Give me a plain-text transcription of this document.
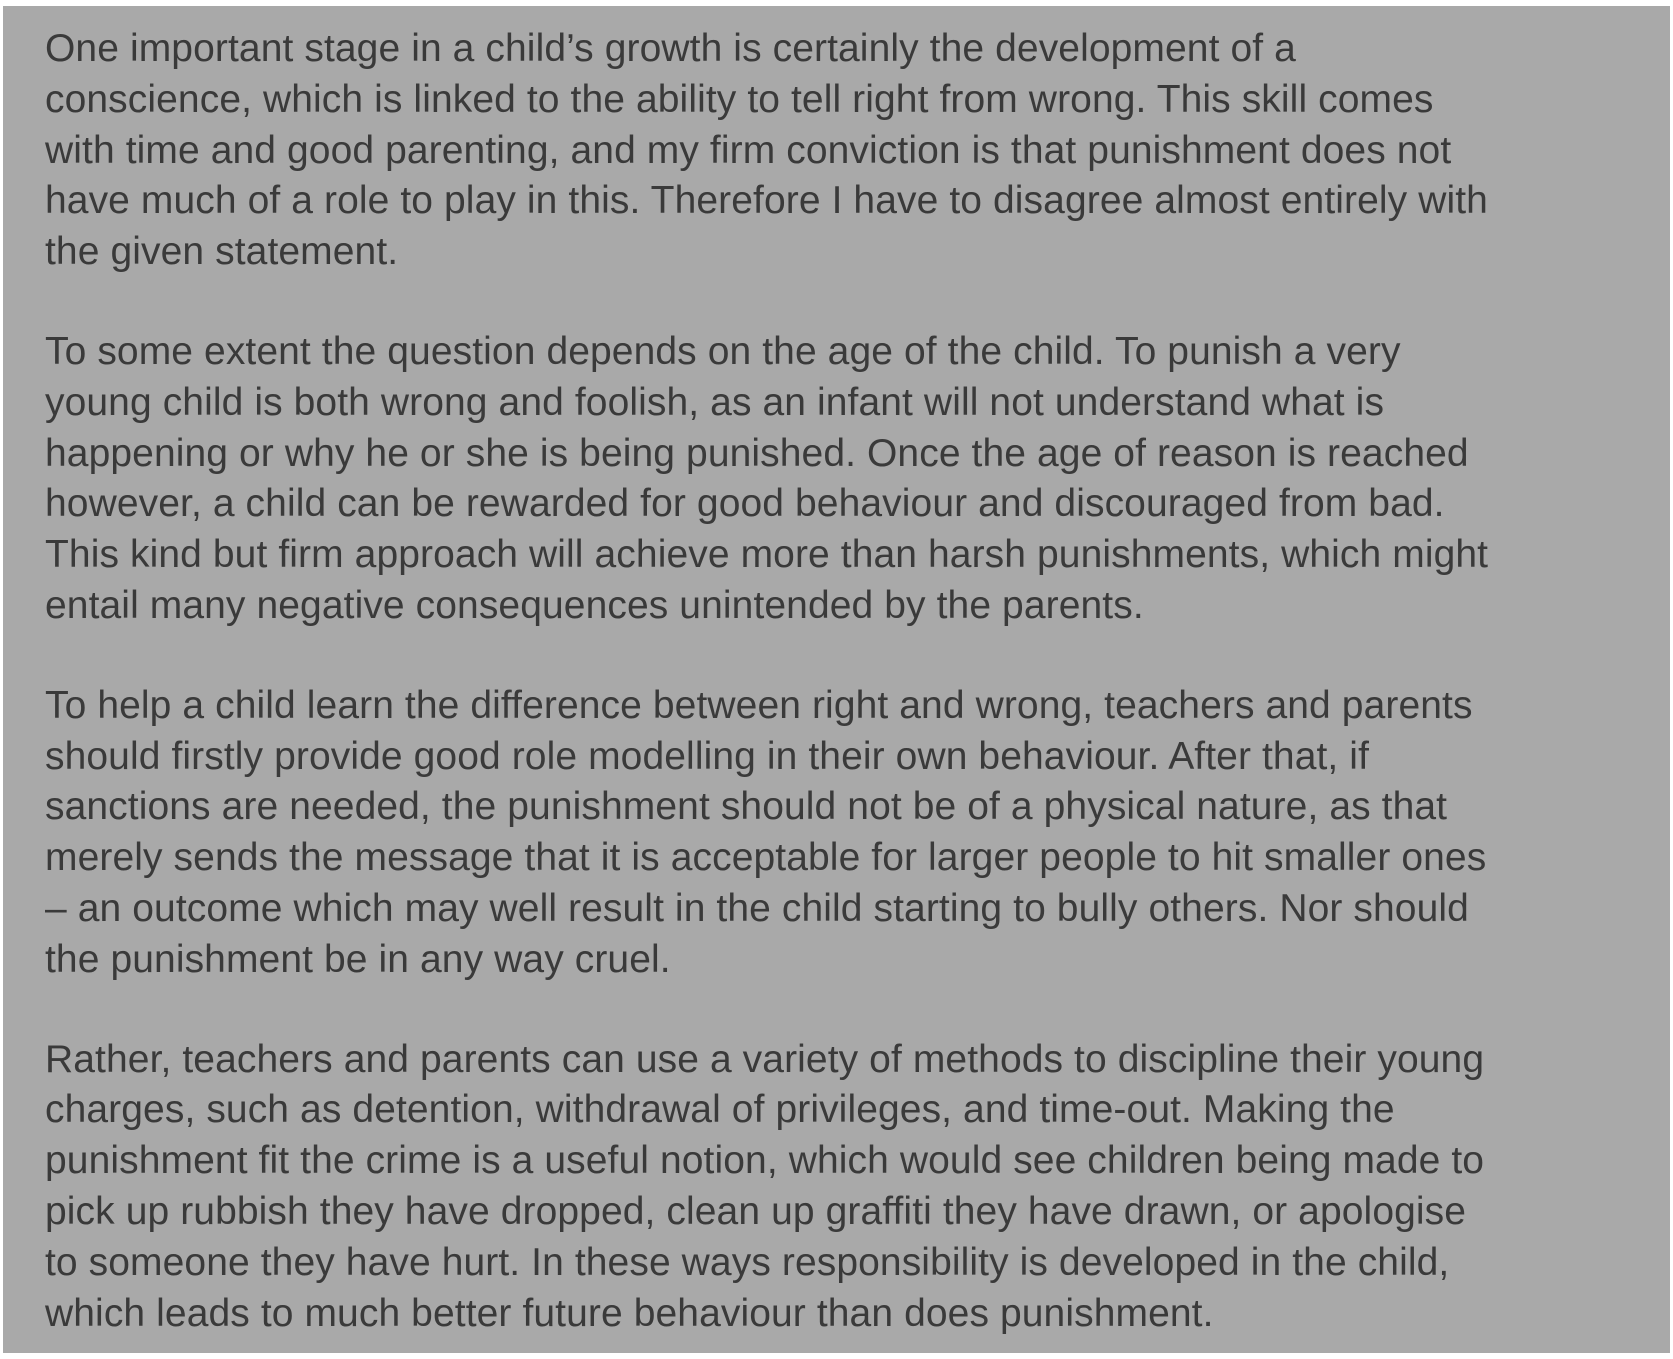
One important stage in a child’s growth is certainly the development of a
conscience, which is linked to the ability to tell right from wrong. This skill comes
with time and good parenting, and my firm conviction is that punishment does not
have much of a role to play in this. Therefore I have to disagree almost entirely with
the given statement.
To some extent the question depends on the age of the child. To punish a very
young child is both wrong and foolish, as an infant will not understand what is
happening or why he or she is being punished. Once the age of reason is reached
however, a child can be rewarded for good behaviour and discouraged from bad.
This kind but firm approach will achieve more than harsh punishments, which might
entail many negative consequences unintended by the parents.
To help a child learn the difference between right and wrong, teachers and parents
should firstly provide good role modelling in their own behaviour. After that, if
sanctions are needed, the punishment should not be of a physical nature, as that
merely sends the message that it is acceptable for larger people to hit smaller ones
– an outcome which may well result in the child starting to bully others. Nor should
the punishment be in any way cruel.
Rather, teachers and parents can use a variety of methods to discipline their young
charges, such as detention, withdrawal of privileges, and time-out. Making the
punishment fit the crime is a useful notion, which would see children being made to
pick up rubbish they have dropped, clean up graffiti they have drawn, or apologise
to someone they have hurt. In these ways responsibility is developed in the child,
which leads to much better future behaviour than does punishment.
